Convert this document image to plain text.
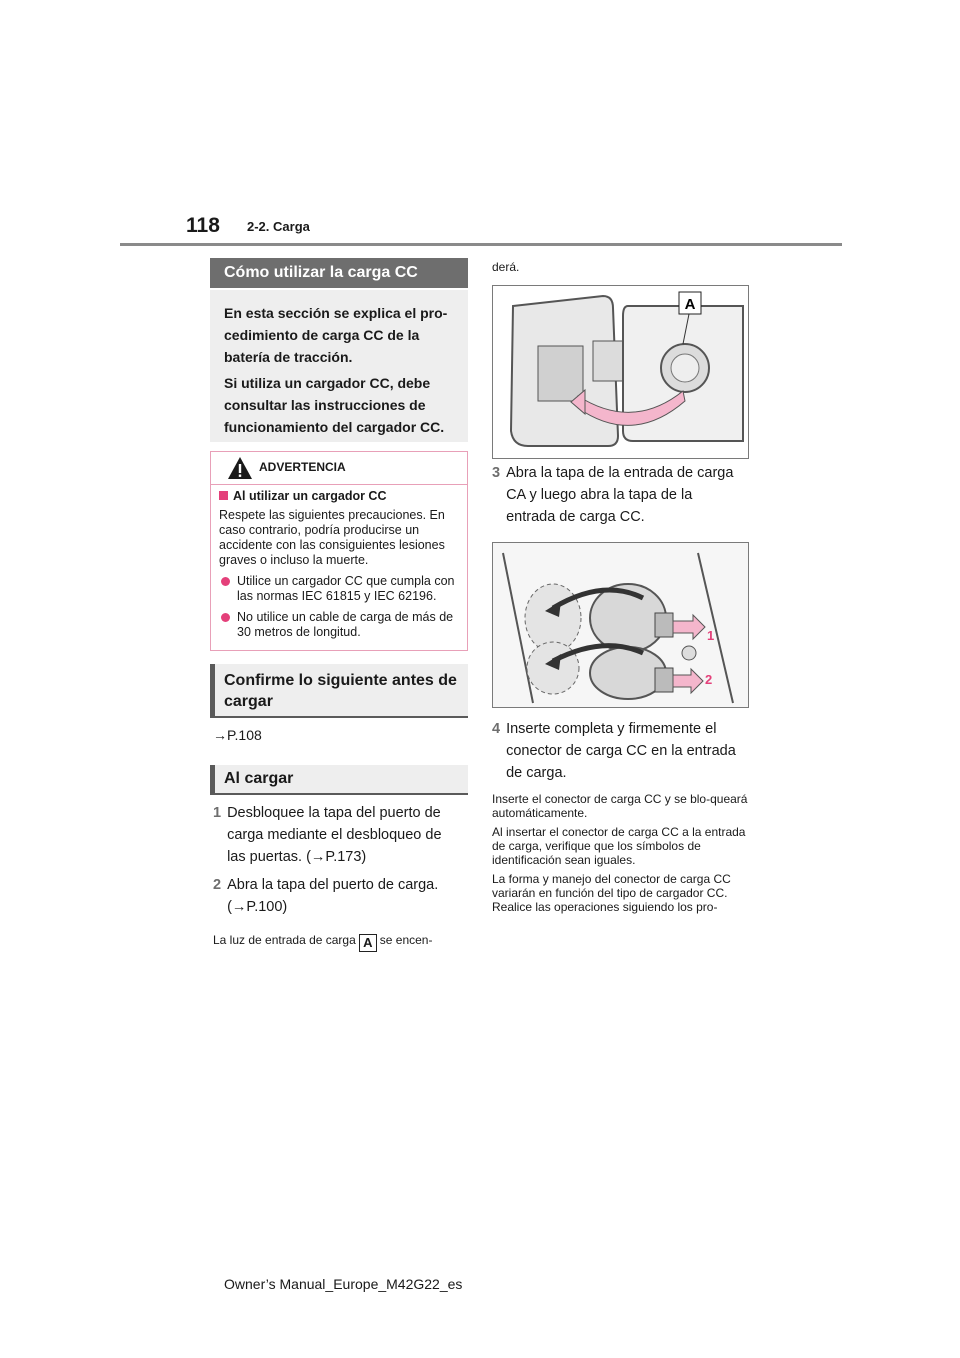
118 2-2. Carga
Cómo utilizar la carga CC

En esta sección se explica el pro-cedimiento de carga CC de la batería de tracción.

Si utiliza un cargador CC, debe consultar las instrucciones de funcionamiento del cargador CC.

ADVERTENCIA
Al utilizar un cargador CC
Respete las siguientes precauciones. En caso contrario, podría producirse un accidente con las consiguientes lesiones graves o incluso la muerte.
Utilice un cargador CC que cumpla con las normas IEC 61815 y IEC 62196.
No utilice un cable de carga de más de 30 metros de longitud.
Confirme lo siguiente antes de cargar
→P.108
Al cargar
1 Desbloquee la tapa del puerto de carga mediante el desbloqueo de las puertas. (→P.173)
2 Abra la tapa del puerto de carga. (→P.100)
La luz de entrada de carga A se encen-
derá.
A
3 Abra la tapa de la entrada de carga CA y luego abra la tapa de la entrada de carga CC.
1
2
4 Inserte completa y firmemente el conector de carga CC en la entrada de carga.
Inserte el conector de carga CC y se blo-queará automáticamente.
Al insertar el conector de carga CC a la entrada de carga, verifique que los símbolos de identificación sean iguales.
La forma y manejo del conector de carga CC variarán en función del tipo de cargador CC. Realice las operaciones siguiendo los pro-
Owner’s Manual_Europe_M42G22_es
